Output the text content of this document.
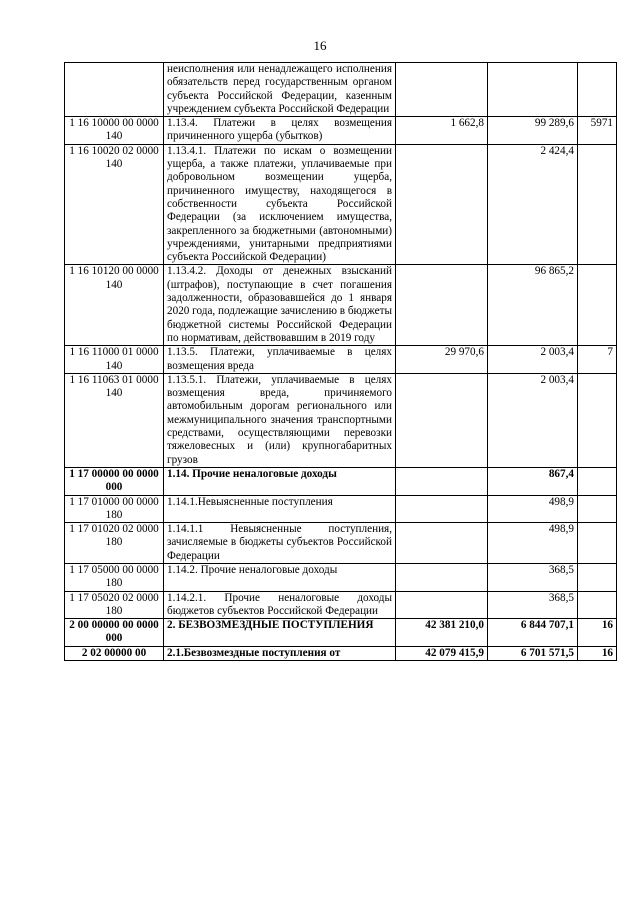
16
	неисполнения или ненадлежащего исполнения обязательств перед государственным органом субъекта Российской Федерации, казенным учреждением субъекта Российской Федерации			
1 16 10000 00 0000 140	1.13.4. Платежи в целях возмещения причиненного ущерба (убытков)	1 662,8	99 289,6	5971
1 16 10020 02 0000 140	1.13.4.1. Платежи по искам о возмещении ущерба, а также платежи, уплачиваемые при добровольном возмещении ущерба, причиненного имуществу, находящегося в собственности субъекта Российской Федерации (за исключением имущества, закрепленного за бюджетными (автономными) учреждениями, унитарными предприятиями субъекта Российской Федерации)		2 424,4	
1 16 10120 00 0000 140	1.13.4.2. Доходы от денежных взысканий (штрафов), поступающие в счет погашения задолженности, образовавшейся до 1 января 2020 года, подлежащие зачислению в бюджеты бюджетной системы Российской Федерации по нормативам, действовавшим в 2019 году		96 865,2	
1 16 11000 01 0000 140	1.13.5. Платежи, уплачиваемые в целях возмещения вреда	29 970,6	2 003,4	7
1 16 11063 01 0000 140	1.13.5.1. Платежи, уплачиваемые в целях возмещения вреда, причиняемого автомобильным дорогам регионального или межмуниципального значения транспортными средствами, осуществляющими перевозки тяжеловесных и (или) крупногабаритных грузов		2 003,4	
1 17 00000 00 0000 000	1.14. Прочие неналоговые доходы		867,4	
1 17 01000 00 0000 180	1.14.1.Невыясненные поступления		498,9	
1 17 01020 02 0000 180	1.14.1.1 Невыясненные поступления, зачисляемые в бюджеты субъектов Российской Федерации		498,9	
1 17 05000 00 0000 180	1.14.2. Прочие неналоговые доходы		368,5	
1 17 05020 02 0000 180	1.14.2.1. Прочие неналоговые доходы бюджетов субъектов Российской Федерации		368,5	
2 00 00000 00 0000 000	2. БЕЗВОЗМЕЗДНЫЕ ПОСТУПЛЕНИЯ	42 381 210,0	6 844 707,1	16
2 02 00000 00	2.1.Безвозмездные поступления от	42 079 415,9	6 701 571,5	16
